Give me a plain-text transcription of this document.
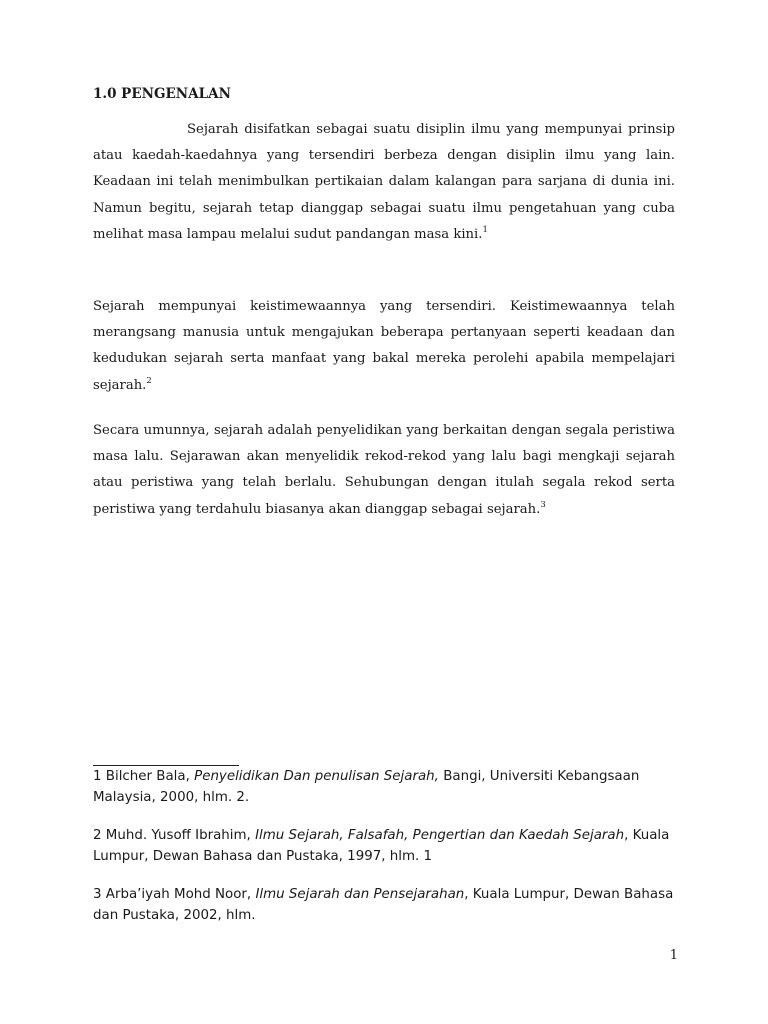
1.0 PENGENALAN

Sejarah disifatkan sebagai suatu disiplin ilmu yang mempunyai prinsip atau kaedah-kaedahnya yang tersendiri berbeza dengan disiplin ilmu yang lain. Keadaan ini telah menimbulkan pertikaian dalam kalangan para sarjana di dunia ini. Namun begitu, sejarah tetap dianggap sebagai suatu ilmu pengetahuan yang cuba melihat masa lampau melalui sudut pandangan masa kini.$^1$

Sejarah mempunyai keistimewaannya yang tersendiri. Keistimewaannya telah merangsang manusia untuk mengajukan beberapa pertanyaan seperti keadaan dan kedudukan sejarah serta manfaat yang bakal mereka perolehi apabila mempelajari sejarah.$^2$

Secara umunnya, sejarah adalah penyelidikan yang berkaitan dengan segala peristiwa masa lalu. Sejarawan akan menyelidik rekod-rekod yang lalu bagi mengkaji sejarah atau peristiwa yang telah berlalu. Sehubungan dengan itulah segala rekod serta peristiwa yang terdahulu biasanya akan dianggap sebagai sejarah.$^3$

1 Bilcher Bala, Penyelidikan Dan penulisan Sejarah, Bangi, Universiti Kebangsaan Malaysia, 2000, hlm. 2.

2 Muhd. Yusoff Ibrahim, Ilmu Sejarah, Falsafah, Pengertian dan Kaedah Sejarah, Kuala Lumpur, Dewan Bahasa dan Pustaka, 1997, hlm. 1

3 Arba’iyah Mohd Noor, Ilmu Sejarah dan Pensejarahan, Kuala Lumpur, Dewan Bahasa dan Pustaka, 2002, hlm.

1
